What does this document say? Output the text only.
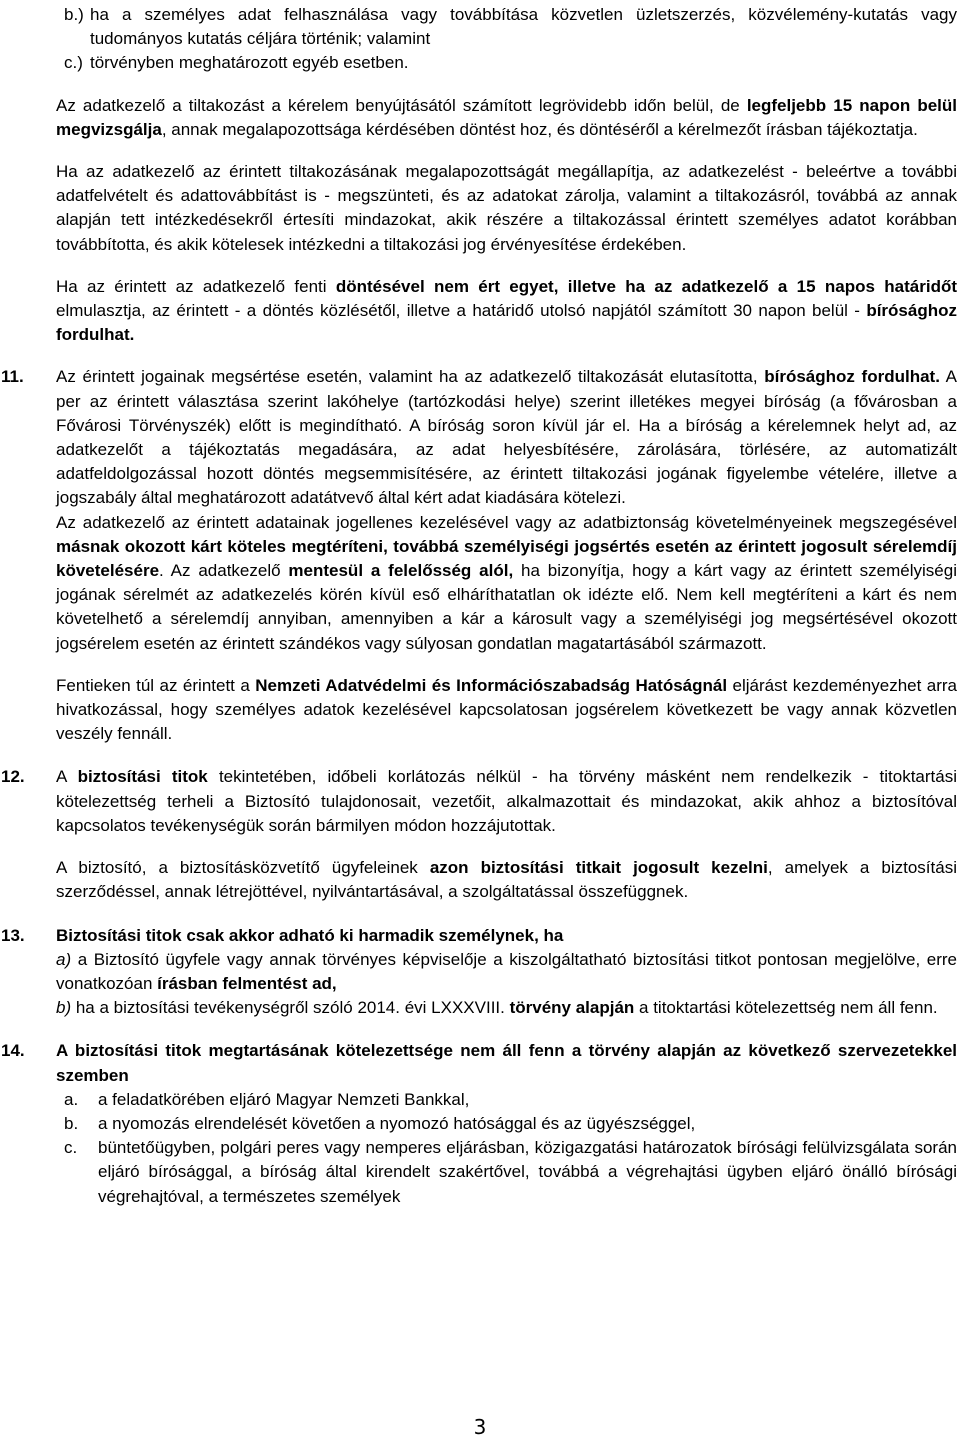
b.) ha a személyes adat felhasználása vagy továbbítása közvetlen üzletszerzés, közvélemény-kutatás vagy tudományos kutatás céljára történik; valamint
c.) törvényben meghatározott egyéb esetben.

Az adatkezelő a tiltakozást a kérelem benyújtásától számított legrövidebb időn belül, de legfeljebb 15 napon belül megvizsgálja, annak megalapozottsága kérdésében döntést hoz, és döntéséről a kérelmezőt írásban tájékoztatja.

Ha az adatkezelő az érintett tiltakozásának megalapozottságát megállapítja, az adatkezelést - beleértve a további adatfelvételt és adattovábbítást is - megszünteti, és az adatokat zárolja, valamint a tiltakozásról, továbbá az annak alapján tett intézkedésekről értesíti mindazokat, akik részére a tiltakozással érintett személyes adatot korábban továbbította, és akik kötelesek intézkedni a tiltakozási jog érvényesítése érdekében.

Ha az érintett az adatkezelő fenti döntésével nem ért egyet, illetve ha az adatkezelő a 15 napos határidőt elmulasztja, az érintett - a döntés közlésétől, illetve a határidő utolsó napjától számított 30 napon belül - bírósághoz fordulhat.

11.	Az érintett jogainak megsértése esetén, valamint ha az adatkezelő tiltakozását elutasította, bírósághoz fordulhat. A per az érintett választása szerint lakóhelye (tartózkodási helye) szerint illetékes megyei bíróság (a fővárosban a Fővárosi Törvényszék) előtt is megindítható. A bíróság soron kívül jár el. Ha a bíróság a kérelemnek helyt ad, az adatkezelőt a tájékoztatás megadására, az adat helyesbítésére, zárolására, törlésére, az automatizált adatfeldolgozással hozott döntés megsemmisítésére, az érintett tiltakozási jogának figyelembe vételére, illetve a jogszabály által meghatározott adatátvevő által kért adat kiadására kötelezi.

Az adatkezelő az érintett adatainak jogellenes kezelésével vagy az adatbiztonság követelményeinek megszegésével másnak okozott kárt köteles megtéríteni, továbbá személyiségi jogsértés esetén az érintett jogosult sérelemdíj követelésére. Az adatkezelő mentesül a felelősség alól, ha bizonyítja, hogy a kárt vagy az érintett személyiségi jogának sérelmét az adatkezelés körén kívül eső elháríthatatlan ok idézte elő. Nem kell megtéríteni a kárt és nem követelhető a sérelemdíj annyiban, amennyiben a kár a károsult vagy a személyiségi jog megsértésével okozott jogsérelem esetén az érintett szándékos vagy súlyosan gondatlan magatartásából származott.

Fentieken túl az érintett a Nemzeti Adatvédelmi és Információszabadság Hatóságnál eljárást kezdeményezhet arra hivatkozással, hogy személyes adatok kezelésével kapcsolatosan jogsérelem következett be vagy annak közvetlen veszély fennáll.

12.	A biztosítási titok tekintetében, időbeli korlátozás nélkül - ha törvény másként nem rendelkezik - titoktartási kötelezettség terheli a Biztosító tulajdonosait, vezetőit, alkalmazottait és mindazokat, akik ahhoz a biztosítóval kapcsolatos tevékenységük során bármilyen módon hozzájutottak.

A biztosító, a biztosításközvetítő ügyfeleinek azon biztosítási titkait jogosult kezelni, amelyek a biztosítási szerződéssel, annak létrejöttével, nyilvántartásával, a szolgáltatással összefüggnek.

13.	Biztosítási titok csak akkor adható ki harmadik személynek, ha

a) a Biztosító ügyfele vagy annak törvényes képviselője a kiszolgáltatható biztosítási titkot pontosan megjelölve, erre vonatkozóan írásban felmentést ad,

b) ha a biztosítási tevékenységről szóló 2014. évi LXXXVIII. törvény alapján a titoktartási kötelezettség nem áll fenn.

14.	A biztosítási titok megtartásának kötelezettsége nem áll fenn a törvény alapján az következő szervezetekkel szemben

a.	a feladatkörében eljáró Magyar Nemzeti Bankkal,
b.	a nyomozás elrendelését követően a nyomozó hatósággal és az ügyészséggel,
c.	büntetőügyben, polgári peres vagy nemperes eljárásban, közigazgatási határozatok bírósági felülvizsgálata során eljáró bírósággal, a bíróság által kirendelt szakértővel, továbbá a végrehajtási ügyben eljáró önálló bírósági végrehajtóval, a természetes személyek
3
